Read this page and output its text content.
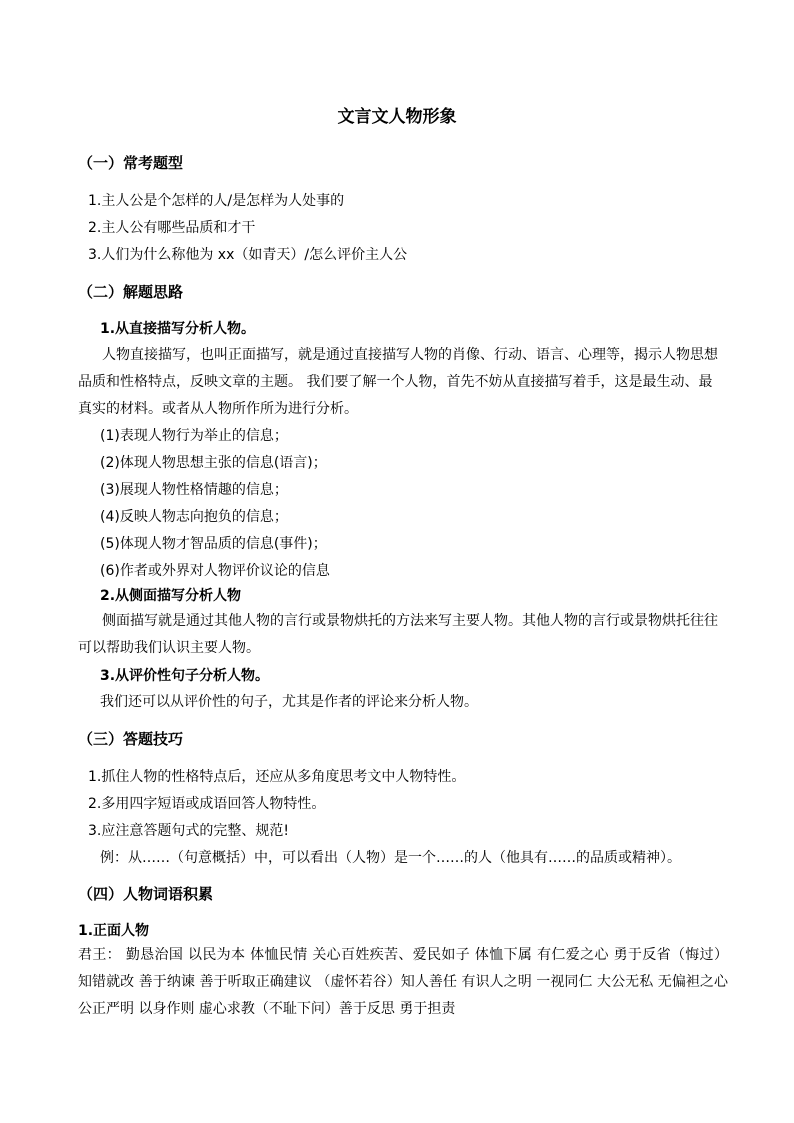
文言文人物形象
（一）常考题型
1.主人公是个怎样的人/是怎样为人处事的
2.主人公有哪些品质和才干
3.人们为什么称他为 xx（如青天）/怎么评价主人公
（二）解题思路
1.从直接描写分析人物。
人物直接描写，也叫正面描写，就是通过直接描写人物的肖像、行动、语言、心理等，揭示人物思想品质和性格特点，反映文章的主题。 我们要了解一个人物，首先不妨从直接描写着手，这是最生动、最真实的材料。或者从人物所作所为进行分析。
(1)表现人物行为举止的信息；
(2)体现人物思想主张的信息(语言)；
(3)展现人物性格情趣的信息；
(4)反映人物志向抱负的信息；
(5)体现人物才智品质的信息(事件)；
(6)作者或外界对人物评价议论的信息
2.从侧面描写分析人物
侧面描写就是通过其他人物的言行或景物烘托的方法来写主要人物。其他人物的言行或景物烘托往往可以帮助我们认识主要人物。
3.从评价性句子分析人物。
我们还可以从评价性的句子，尤其是作者的评论来分析人物。
（三）答题技巧
1.抓住人物的性格特点后，还应从多角度思考文中人物特性。
2.多用四字短语或成语回答人物特性。
3.应注意答题句式的完整、规范!
例：从……（句意概括）中，可以看出（人物）是一个……的人（他具有……的品质或精神）。
（四）人物词语积累
1.正面人物
君王： 勤恳治国 以民为本 体恤民情 关心百姓疾苦、爱民如子 体恤下属 有仁爱之心 勇于反省（悔过） 知错就改 善于纳谏 善于听取正确建议 （虚怀若谷）知人善任 有识人之明 一视同仁 大公无私 无偏袒之心 公正严明 以身作则 虚心求教（不耻下问）善于反思 勇于担责
